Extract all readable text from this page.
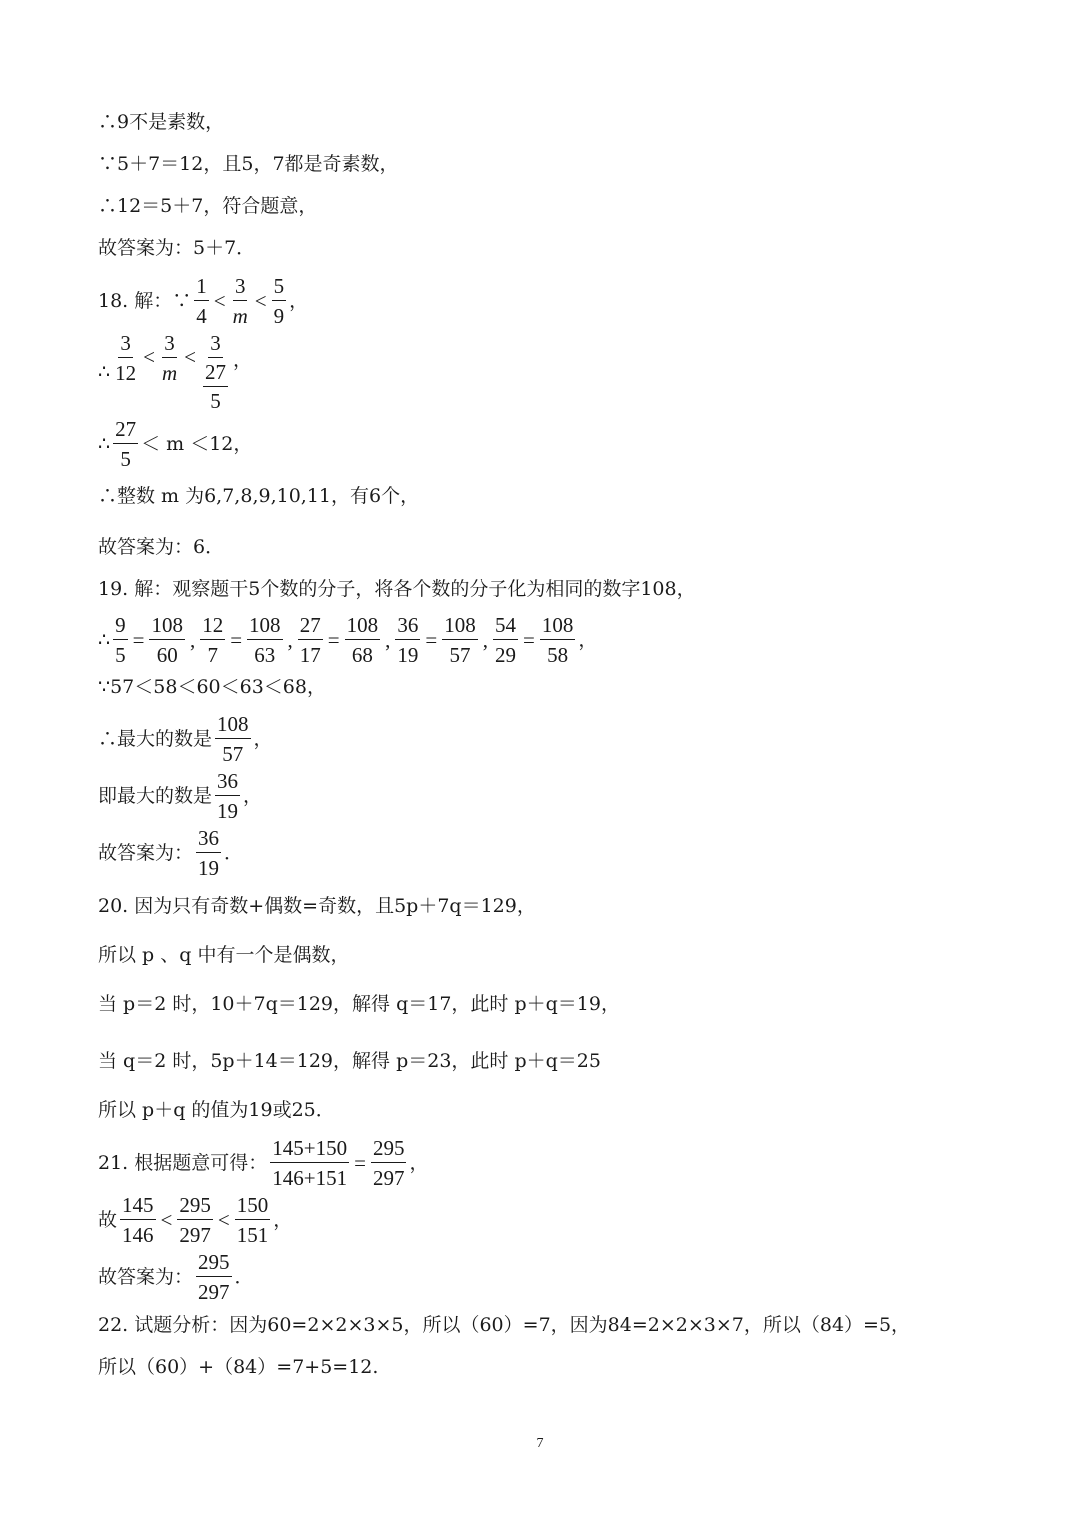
∴9不是素数，
∵5＋7＝12，且5，7都是奇素数，
∴12＝5＋7，符合题意，
故答案为：5＋7．
18. 解：∵ $\frac{1}{4} < \frac{3}{m} < \frac{5}{9}$ ，
∴ $\frac{3}{12} < \frac{3}{m} < \frac{3}{\frac{27}{5}}$ ，
∴ $\frac{27}{5} < m <12$，
∴整数 m 为6,7,8,9,10,11，有6个，
故答案为：6．
19. 解：观察题干5个数的分子，将各个数的分子化为相同的数字108，
∴ $\frac{9}{5} = \frac{108}{60}$ , $\frac{12}{7} = \frac{108}{63}$ , $\frac{27}{17} = \frac{108}{68}$ , $\frac{36}{19} = \frac{108}{57}$ , $\frac{54}{29} = \frac{108}{58}$ ，
∵57＜58＜60＜63＜68，
∴最大的数是 $\frac{108}{57}$ ，
即最大的数是 $\frac{36}{19}$ ，
故答案为： $\frac{36}{19}$ ．
20. 因为只有奇数+偶数=奇数，且5p＋7q＝129，
所以 p 、q 中有一个是偶数，
当 p＝2 时，10＋7q＝129，解得 q＝17，此时 p＋q＝19，
当 q＝2 时，5p＋14＝129，解得 p＝23，此时 p＋q＝25
所以 p＋q 的值为19或25．
21. 根据题意可得： $\frac{145+150}{146+151} = \frac{295}{297}$ ，
故 $\frac{145}{146} < \frac{295}{297} < \frac{150}{151}$ ，
故答案为： $\frac{295}{297}$ ．
22. 试题分析：因为60=2×2×3×5，所以（60）=7，因为84=2×2×3×7，所以（84）=5，
所以（60）+（84）=7+5=12.
7
